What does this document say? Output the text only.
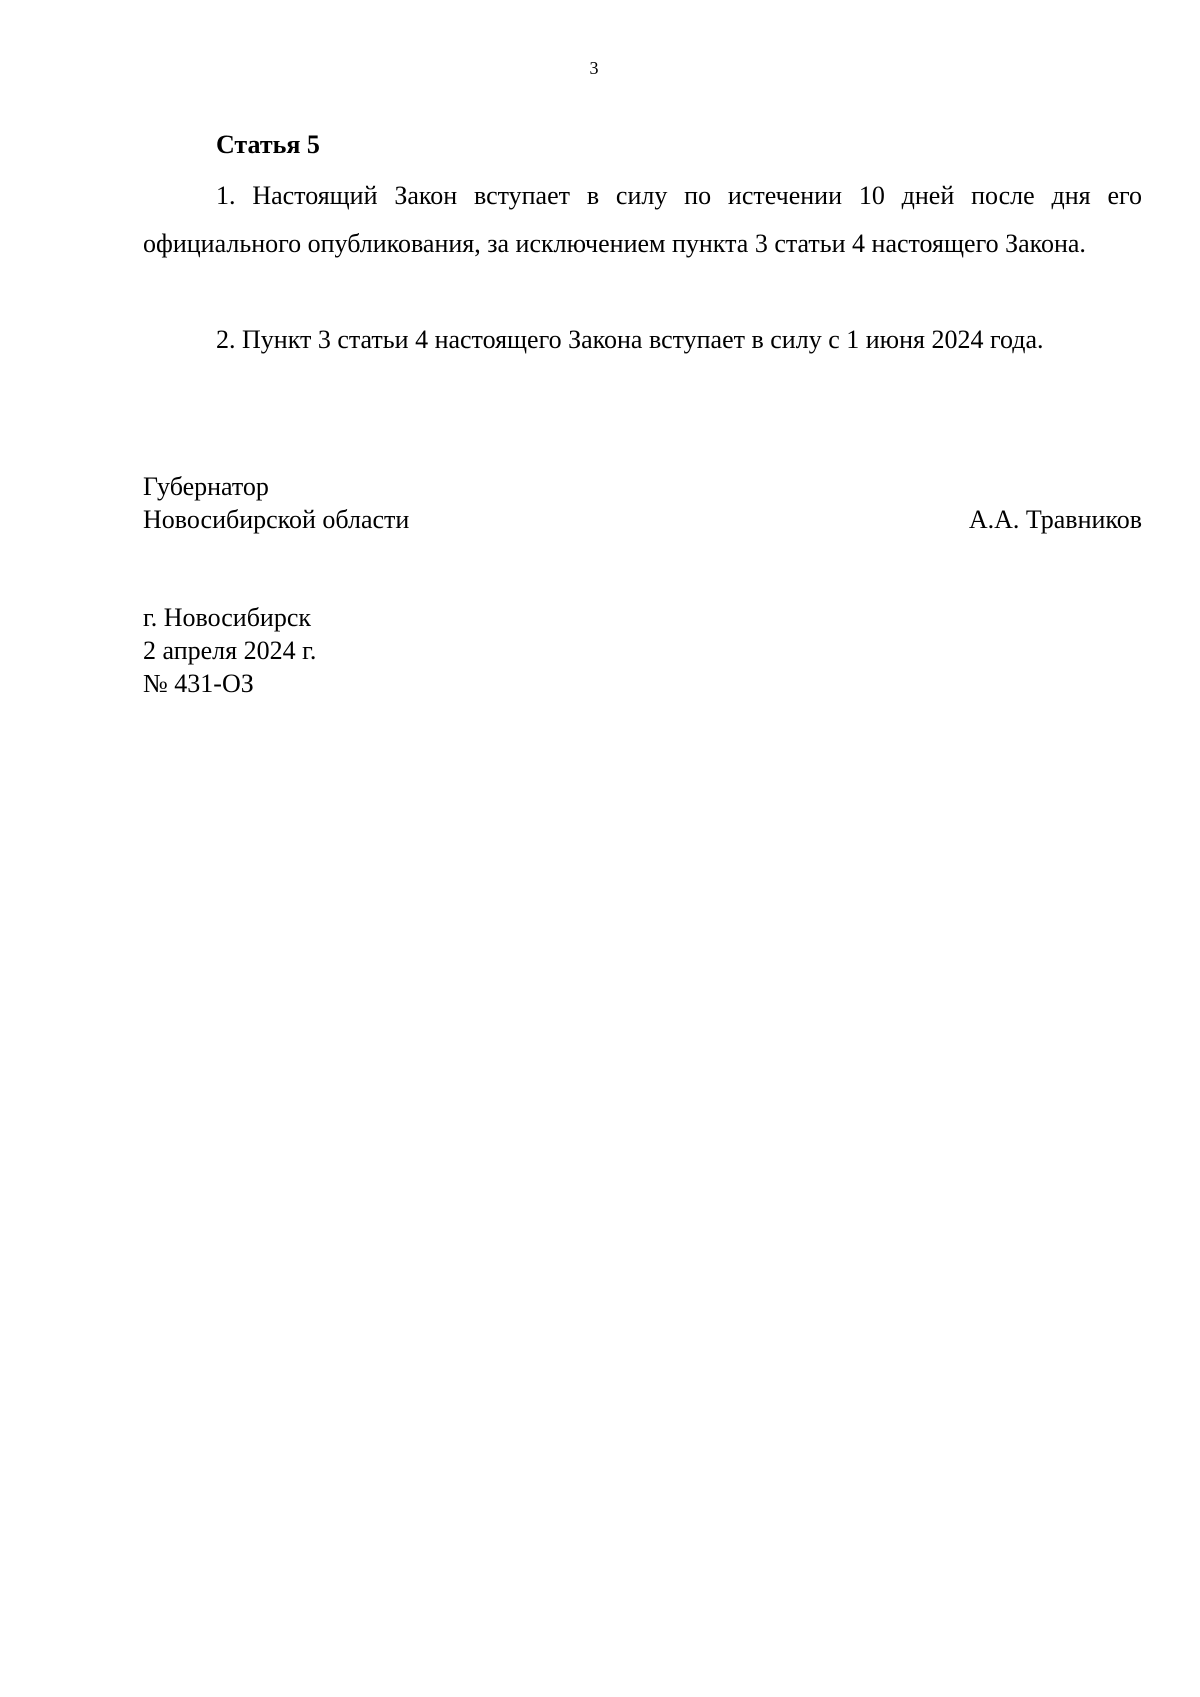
3
Статья 5

1. Настоящий Закон вступает в силу по истечении 10 дней после дня его официального опубликования, за исключением пункта 3 статьи 4 настоящего Закона.

2. Пункт 3 статьи 4 настоящего Закона вступает в силу с 1 июня 2024 года.

Губернатор
Новосибирской области	А.А. Травников
г. Новосибирск
2 апреля 2024 г.
№ 431-ОЗ
